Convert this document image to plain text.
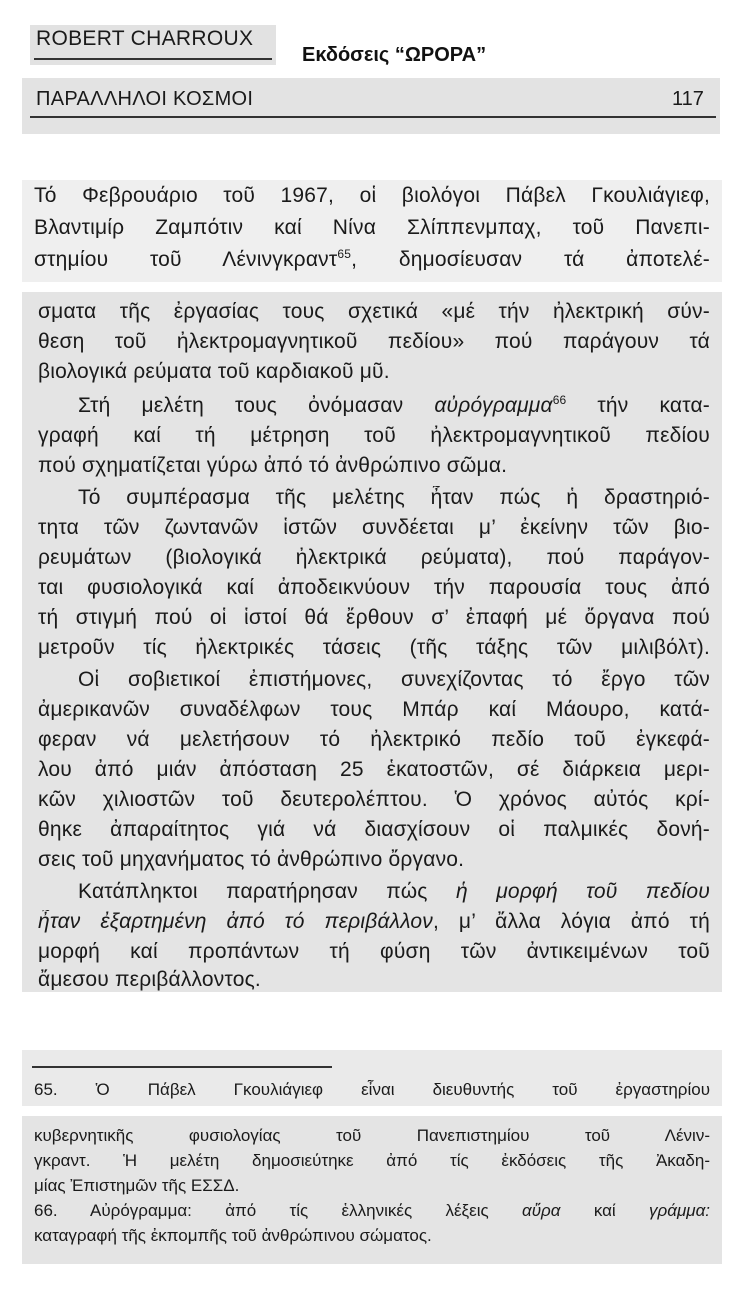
ROBERT CHARROUX
Εκδόσεις “ΩΡΟΡΑ”
ΠΑΡΑΛΛΗΛΟΙ ΚΟΣΜΟΙ	117
Τό Φεβρουάριο τοῦ 1967, οἱ βιολόγοι Πάβελ Γκουλιάγιεφ,
Βλαντιμίρ Ζαμπότιν καί Νίνα Σλίππενμπαχ, τοῦ Πανεπι-
στημίου τοῦ Λένινγκραντ$^{65}$, δημοσίευσαν τά ἀποτελέ-
σματα τῆς ἐργασίας τους σχετικά «μέ τήν ἠλεκτρική σύν-
θεση τοῦ ἠλεκτρομαγνητικοῦ πεδίου» πού παράγουν τά
βιολογικά ρεύματα τοῦ καρδιακοῦ μῦ.
Στή μελέτη τους ὀνόμασαν αὐρόγραμμα$^{66}$ τήν κατα-
γραφή καί τή μέτρηση τοῦ ἠλεκτρομαγνητικοῦ πεδίου
πού σχηματίζεται γύρω ἀπό τό ἀνθρώπινο σῶμα.
Τό συμπέρασμα τῆς μελέτης ἦταν πώς ἡ δραστηριό-
τητα τῶν ζωντανῶν ἱστῶν συνδέεται μ’ ἐκείνην τῶν βιο-
ρευμάτων (βιολογικά ἠλεκτρικά ρεύματα), πού παράγον-
ται φυσιολογικά καί ἀποδεικνύουν τήν παρουσία τους ἀπό
τή στιγμή πού οἱ ἱστοί θά ἔρθουν σ’ ἐπαφή μέ ὄργανα πού
μετροῦν τίς ἠλεκτρικές τάσεις (τῆς τάξης τῶν μιλιβόλτ).
Οἱ σοβιετικοί ἐπιστήμονες, συνεχίζοντας τό ἔργο τῶν
ἀμερικανῶν συναδέλφων τους Μπάρ καί Μάουρο, κατά-
φεραν νά μελετήσουν τό ἠλεκτρικό πεδίο τοῦ ἐγκεφά-
λου ἀπό μιάν ἀπόσταση 25 ἑκατοστῶν, σέ διάρκεια μερι-
κῶν χιλιοστῶν τοῦ δευτερολέπτου. Ὁ χρόνος αὐτός κρί-
θηκε ἀπαραίτητος γιά νά διασχίσουν οἱ παλμικές δονή-
σεις τοῦ μηχανήματος τό ἀνθρώπινο ὄργανο.
Κατάπληκτοι παρατήρησαν πώς ἡ μορφή τοῦ πεδίου
ἦταν ἐξαρτημένη ἀπό τό περιβάλλον, μ’ ἄλλα λόγια ἀπό τή
μορφή καί προπάντων τή φύση τῶν ἀντικειμένων τοῦ
ἄμεσου περιβάλλοντος.
65. Ὁ Πάβελ Γκουλιάγιεφ εἶναι διευθυντής τοῦ ἐργαστηρίου
κυβερνητικῆς φυσιολογίας τοῦ Πανεπιστημίου τοῦ Λένιν-
γκραντ. Ἡ μελέτη δημοσιεύτηκε ἀπό τίς ἐκδόσεις τῆς Ἀκαδη-
μίας Ἐπιστημῶν τῆς ΕΣΣΔ.
66. Αὐρόγραμμα: ἀπό τίς ἑλληνικές λέξεις αὔρα καί γράμμα:
καταγραφή τῆς ἐκπομπῆς τοῦ ἀνθρώπινου σώματος.
